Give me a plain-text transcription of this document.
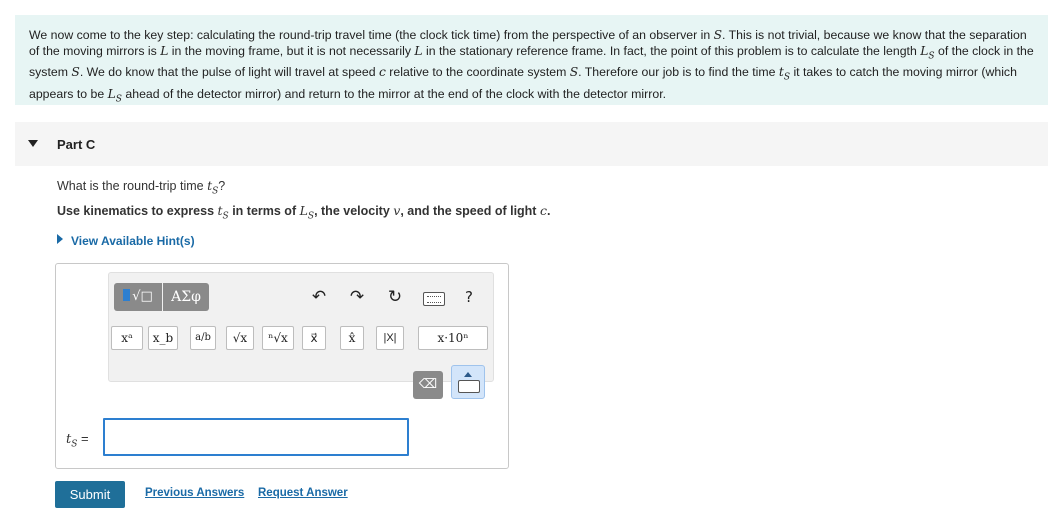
We now come to the key step: calculating the round-trip travel time (the clock tick time) from the perspective of an observer in S. This is not trivial, because we know that the separation of the moving mirrors is L in the moving frame, but it is not necessarily L in the stationary reference frame. In fact, the point of this problem is to calculate the length $L_S$ of the clock in the system S. We do know that the pulse of light will travel at speed c relative to the coordinate system S. Therefore our job is to find the time $t_S$ it takes to catch the moving mirror (which appears to be $L_S$ ahead of the detector mirror) and return to the mirror at the end of the clock with the detector mirror.

Part C
What is the round-trip time $t_S$?
Use kinematics to express $t_S$ in terms of $L_S$, the velocity v, and the speed of light c.
View Available Hint(s)
√□	ΑΣφ	↶ ↷ ↻	?
xᵃ	x_b	a/b	√x	ⁿ√x	x⃗	x̂	|X|	x·10ⁿ
⌫
$t_S$ =
Submit	Previous Answers Request Answer
